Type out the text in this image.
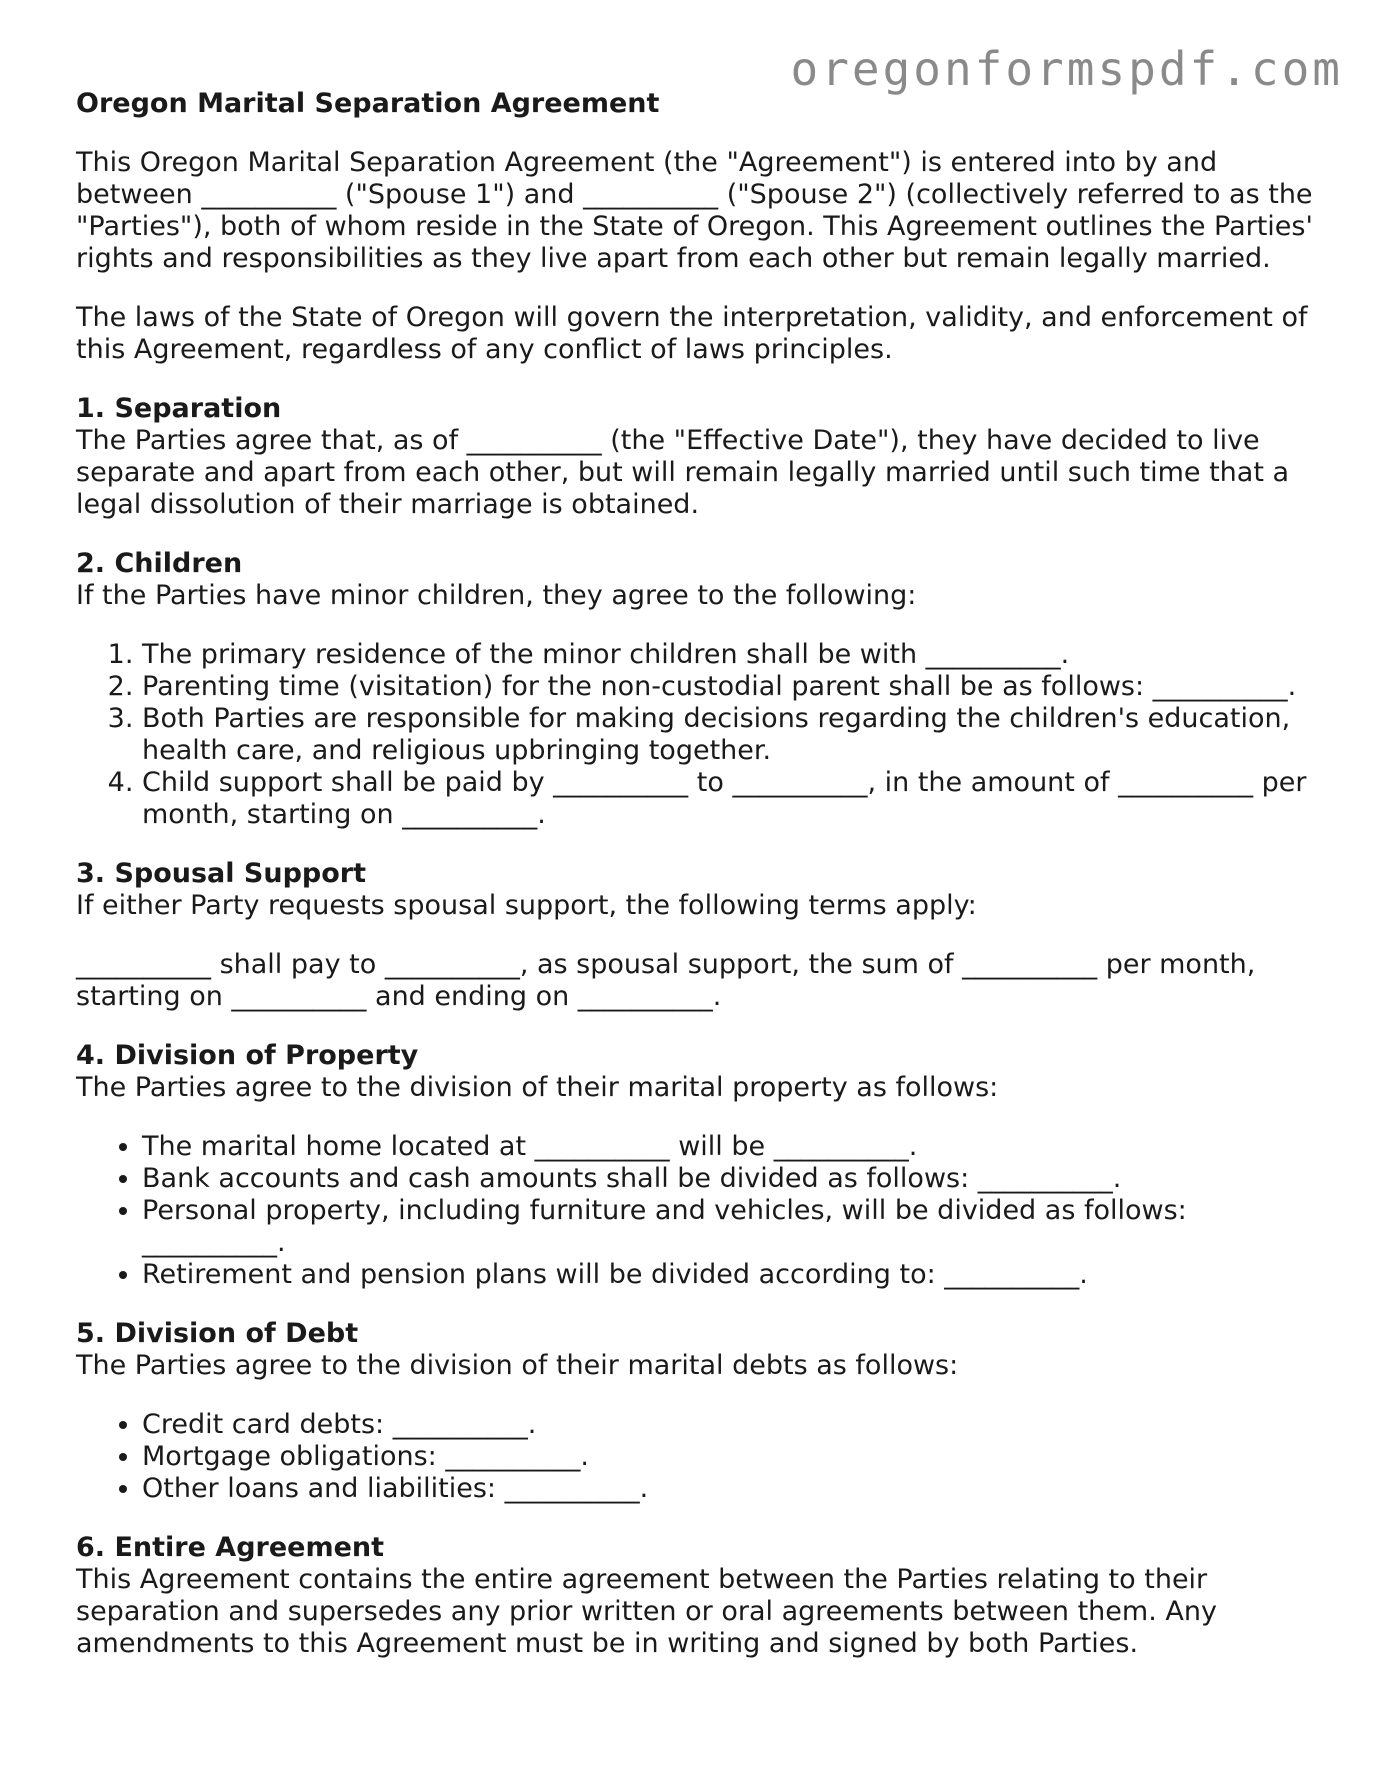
oregonformspdf.com
Oregon Marital Separation Agreement

This Oregon Marital Separation Agreement (the "Agreement") is entered into by and between __________ ("Spouse 1") and __________ ("Spouse 2") (collectively referred to as the "Parties"), both of whom reside in the State of Oregon. This Agreement outlines the Parties' rights and responsibilities as they live apart from each other but remain legally married.

The laws of the State of Oregon will govern the interpretation, validity, and enforcement of this Agreement, regardless of any conflict of laws principles.

1. Separation

The Parties agree that, as of __________ (the "Effective Date"), they have decided to live separate and apart from each other, but will remain legally married until such time that a legal dissolution of their marriage is obtained.

2. Children

If the Parties have minor children, they agree to the following:

1. The primary residence of the minor children shall be with __________.
2. Parenting time (visitation) for the non-custodial parent shall be as follows: __________.
3. Both Parties are responsible for making decisions regarding the children's education, health care, and religious upbringing together.
4. Child support shall be paid by __________ to __________, in the amount of __________ per month, starting on __________.
3. Spousal Support

If either Party requests spousal support, the following terms apply:

__________ shall pay to __________, as spousal support, the sum of __________ per month, starting on __________ and ending on __________.

4. Division of Property

The Parties agree to the division of their marital property as follows:

• The marital home located at __________ will be __________.
• Bank accounts and cash amounts shall be divided as follows: __________.
• Personal property, including furniture and vehicles, will be divided as follows: __________.
• Retirement and pension plans will be divided according to: __________.
5. Division of Debt

The Parties agree to the division of their marital debts as follows:

• Credit card debts: __________.
• Mortgage obligations: __________.
• Other loans and liabilities: __________.
6. Entire Agreement

This Agreement contains the entire agreement between the Parties relating to their separation and supersedes any prior written or oral agreements between them. Any amendments to this Agreement must be in writing and signed by both Parties.
